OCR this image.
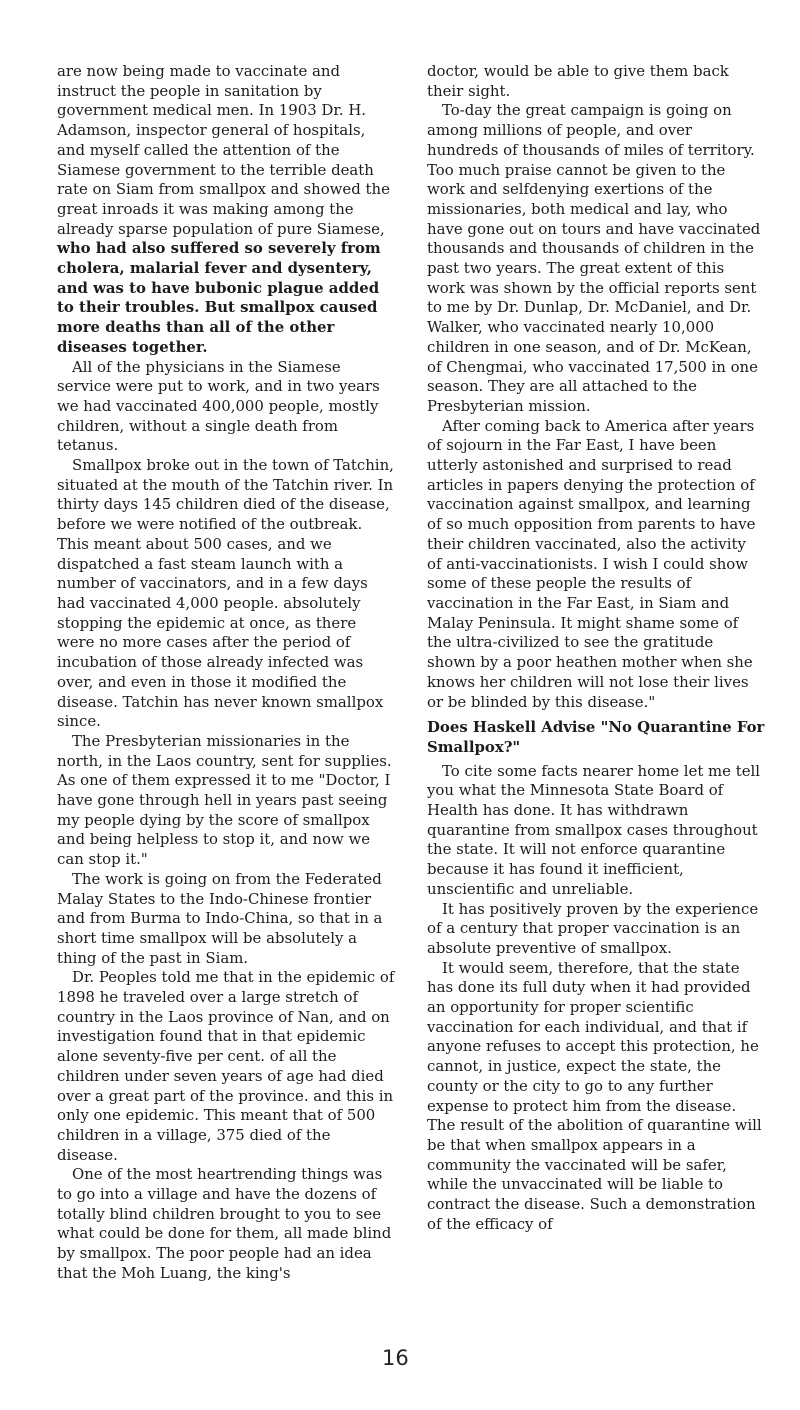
are now being made to vaccinate and instruct the people in sanitation by government medical men. In 1903 Dr. H. Adamson, inspector general of hospitals, and myself called the attention of the Siamese government to the terrible death rate on Siam from smallpox and showed the great inroads it was making among the already sparse population of pure Siamese, who had also suffered so severely from cholera, malarial fever and dysentery, and was to have bubonic plague added to their troubles. But smallpox caused more deaths than all of the other diseases together.

All of the physicians in the Siamese service were put to work, and in two years we had vaccinated 400,000 people, mostly children, without a single death from tetanus.

Smallpox broke out in the town of Tatchin, situated at the mouth of the Tatchin river. In thirty days 145 children died of the disease, before we were notified of the outbreak. This meant about 500 cases, and we dispatched a fast steam launch with a number of vaccinators, and in a few days had vaccinated 4,000 people. absolutely stopping the epidemic at once, as there were no more cases after the period of incubation of those already infected was over, and even in those it modified the disease. Tatchin has never known smallpox since.

The Presbyterian missionaries in the north, in the Laos country, sent for supplies. As one of them expressed it to me "Doctor, I have gone through hell in years past seeing my people dying by the score of smallpox and being helpless to stop it, and now we can stop it."

The work is going on from the Federated Malay States to the Indo-Chinese frontier and from Burma to Indo-China, so that in a short time smallpox will be absolutely a thing of the past in Siam.

Dr. Peoples told me that in the epidemic of 1898 he traveled over a large stretch of country in the Laos province of Nan, and on investigation found that in that epidemic alone seventy-five per cent. of all the children under seven years of age had died over a great part of the province. and this in only one epidemic. This meant that of 500 children in a village, 375 died of the disease.

One of the most heartrending things was to go into a village and have the dozens of totally blind children brought to you to see what could be done for them, all made blind by smallpox. The poor people had an idea that the Moh Luang, the king's

doctor, would be able to give them back their sight.

To-day the great campaign is going on among millions of people, and over hundreds of thousands of miles of territory. Too much praise cannot be given to the work and selfdenying exertions of the missionaries, both medical and lay, who have gone out on tours and have vaccinated thousands and thousands of children in the past two years. The great extent of this work was shown by the official reports sent to me by Dr. Dunlap, Dr. McDaniel, and Dr. Walker, who vaccinated nearly 10,000 children in one season, and of Dr. McKean, of Chengmai, who vaccinated 17,500 in one season. They are all attached to the Presbyterian mission.

After coming back to America after years of sojourn in the Far East, I have been utterly astonished and surprised to read articles in papers denying the protection of vaccination against smallpox, and learning of so much opposition from parents to have their children vaccinated, also the activity of anti-vaccinationists. I wish I could show some of these people the results of vaccination in the Far East, in Siam and Malay Peninsula. It might shame some of the ultra-civilized to see the gratitude shown by a poor heathen mother when she knows her children will not lose their lives or be blinded by this disease."

Does Haskell Advise "No Quarantine For Smallpox?"

To cite some facts nearer home let me tell you what the Minnesota State Board of Health has done. It has withdrawn quarantine from smallpox cases throughout the state. It will not enforce quarantine because it has found it inefficient, unscientific and unreliable.

It has positively proven by the experience of a century that proper vaccination is an absolute preventive of smallpox.

It would seem, therefore, that the state has done its full duty when it had provided an opportunity for proper scientific vaccination for each individual, and that if anyone refuses to accept this protection, he cannot, in justice, expect the state, the county or the city to go to any further expense to protect him from the disease. The result of the abolition of quarantine will be that when smallpox appears in a community the vaccinated will be safer, while the unvaccinated will be liable to contract the disease. Such a demonstration of the efficacy of

16
